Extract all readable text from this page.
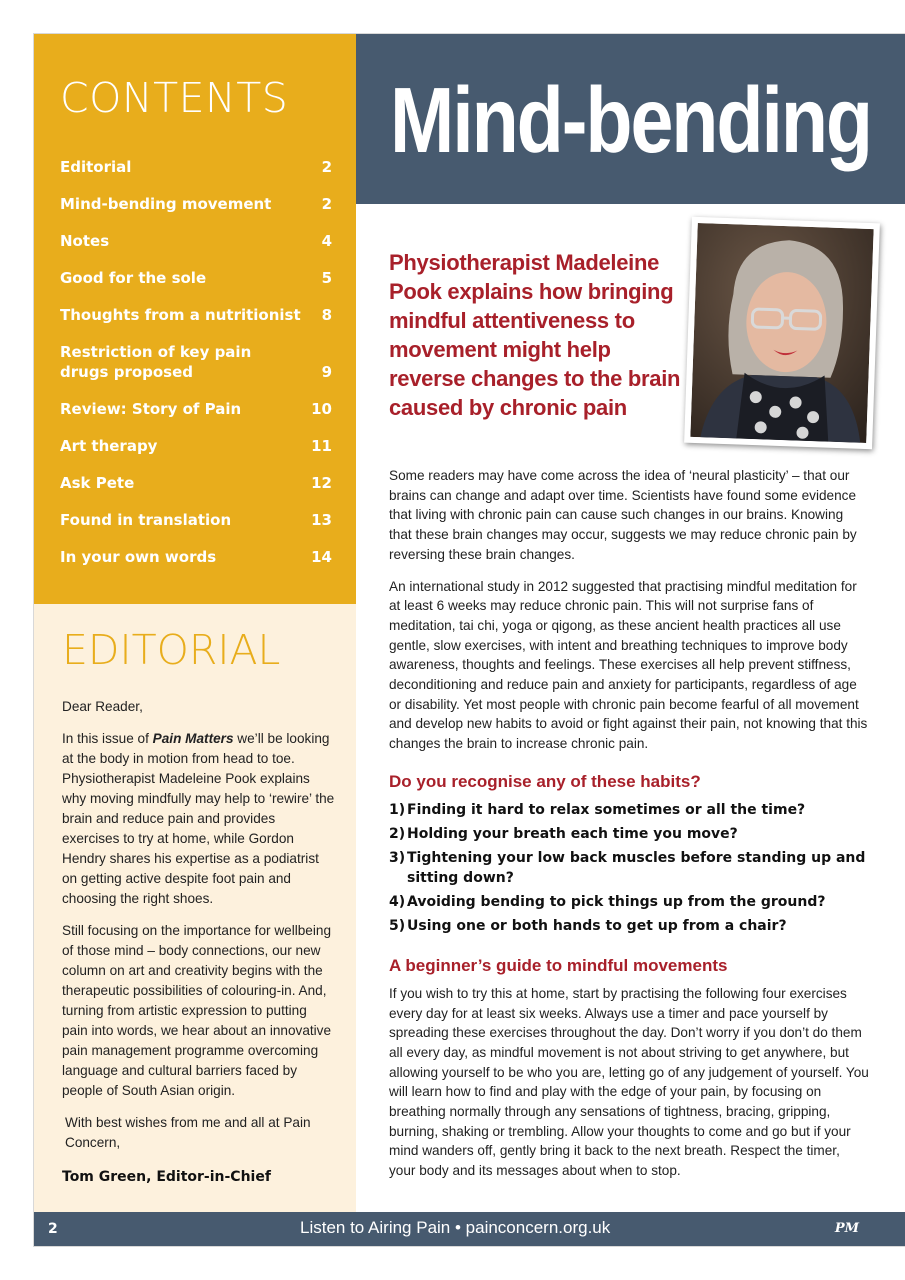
CONTENTS
Editorial	2
Mind-bending movement	2
Notes	4
Good for the sole	5
Thoughts from a nutritionist	8
Restriction of key pain drugs proposed	9
Review: Story of Pain	10
Art therapy	11
Ask Pete	12
Found in translation	13
In your own words	14
EDITORIAL

Dear Reader,

In this issue of Pain Matters we’ll be looking at the body in motion from head to toe. Physiotherapist Madeleine Pook explains why moving mindfully may help to ‘rewire’ the brain and reduce pain and provides exercises to try at home, while Gordon Hendry shares his expertise as a podiatrist on getting active despite foot pain and choosing the right shoes.

Still focusing on the importance for wellbeing of those mind – body connections, our new column on art and creativity begins with the therapeutic possibilities of colouring-in. And, turning from artistic expression to putting pain into words, we hear about an innovative pain management programme overcoming language and cultural barriers faced by people of South Asian origin.

With best wishes from me and all at Pain Concern,

Tom Green, Editor-in-Chief
Mind-bending
Physiotherapist Madeleine Pook explains how bringing mindful attentiveness to movement might help reverse changes to the brain caused by chronic pain

Some readers may have come across the idea of ‘neural plasticity’ – that our brains can change and adapt over time. Scientists have found some evidence that living with chronic pain can cause such changes in our brains. Knowing that these brain changes may occur, suggests we may reduce chronic pain by reversing these brain changes.

An international study in 2012 suggested that practising mindful meditation for at least 6 weeks may reduce chronic pain. This will not surprise fans of meditation, tai chi, yoga or qigong, as these ancient health practices all use gentle, slow exercises, with intent and breathing techniques to improve body awareness, thoughts and feelings. These exercises all help prevent stiffness, deconditioning and reduce pain and anxiety for participants, regardless of age or disability. Yet most people with chronic pain become fearful of all movement and develop new habits to avoid or fight against their pain, not knowing that this changes the brain to increase chronic pain.

Do you recognise any of these habits?
1) Finding it hard to relax sometimes or all the time?
2) Holding your breath each time you move?
3) Tightening your low back muscles before standing up and sitting down?
4) Avoiding bending to pick things up from the ground?
5) Using one or both hands to get up from a chair?
A beginner’s guide to mindful movements

If you wish to try this at home, start by practising the following four exercises every day for at least six weeks. Always use a timer and pace yourself by spreading these exercises throughout the day. Don’t worry if you don’t do them all every day, as mindful movement is not about striving to get anywhere, but allowing yourself to be who you are, letting go of any judgement of yourself. You will learn how to find and play with the edge of your pain, by focusing on breathing normally through any sensations of tightness, bracing, gripping, burning, shaking or trembling. Allow your thoughts to come and go but if your mind wanders off, gently bring it back to the next breath. Respect the timer, your body and its messages about when to stop.

2	Listen to Airing Pain • painconcern.org.uk	PM
